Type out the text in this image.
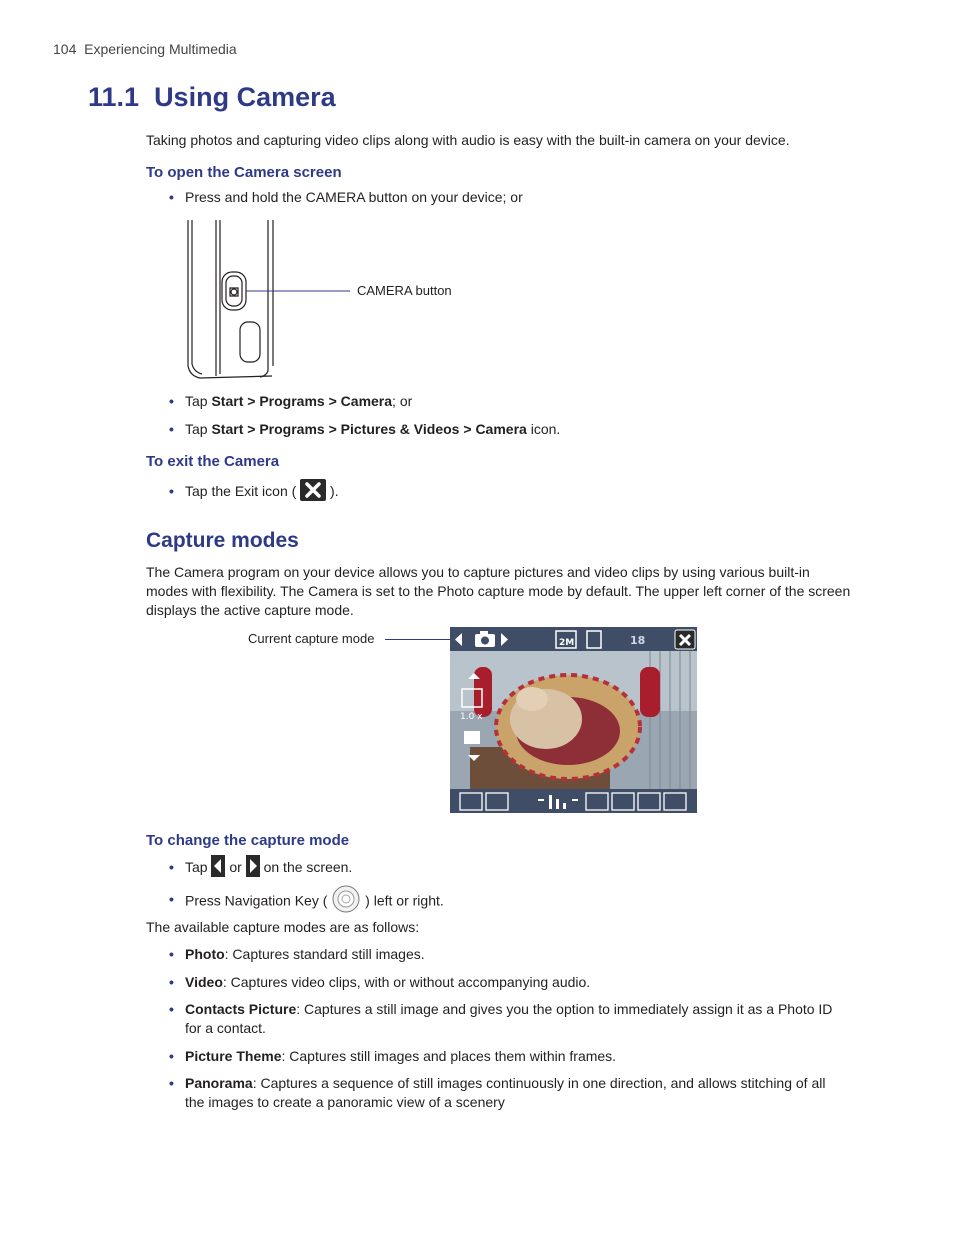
104 Experiencing Multimedia
11.1  Using Camera
Taking photos and capturing video clips along with audio is easy with the built-in camera on your device.
To open the Camera screen
• Press and hold the CAMERA button on your device; or
CAMERA button
• Tap Start > Programs > Camera; or
• Tap Start > Programs > Pictures & Videos > Camera icon.
To exit the Camera
• Tap the Exit icon (  ).
Capture modes
The Camera program on your device allows you to capture pictures and video clips by using various built-in
modes with flexibility. The Camera is set to the Photo capture mode by default. The upper left corner of the screen
displays the active capture mode.
Current capture mode	2M	18
1.0 x
To change the capture mode
• Tap  or  on the screen.
• Press Navigation Key (  ) left or right.
The available capture modes are as follows:
• Photo: Captures standard still images.
• Video: Captures video clips, with or without accompanying audio.
• Contacts Picture: Captures a still image and gives you the option to immediately assign it as a Photo ID
for a contact.
• Picture Theme: Captures still images and places them within frames.
• Panorama: Captures a sequence of still images continuously in one direction, and allows stitching of all
the images to create a panoramic view of a scenery
